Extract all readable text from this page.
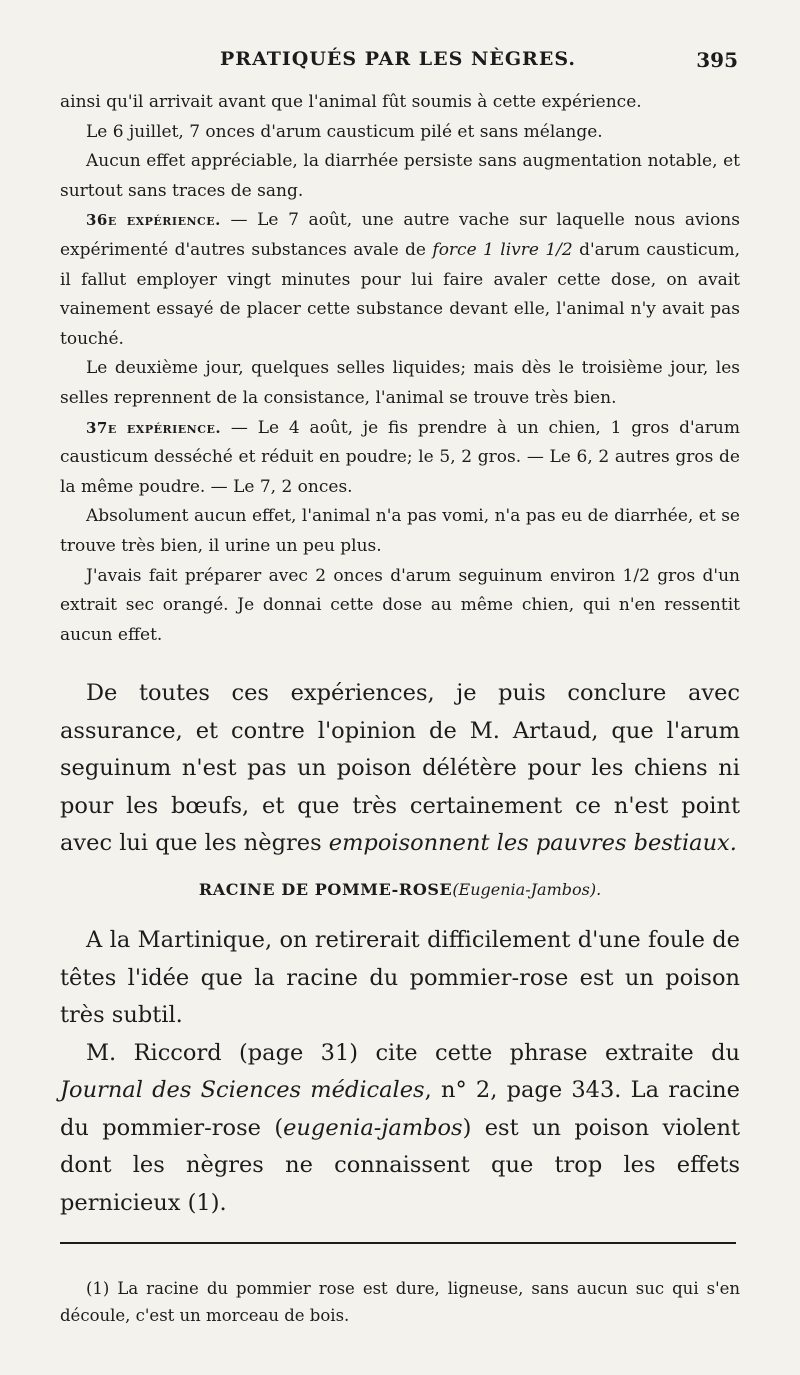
PRATIQUÉS PAR LES NÈGRES.	395

ainsi qu'il arrivait avant que l'animal fût soumis à cette expérience.

Le 6 juillet, 7 onces d'arum causticum pilé et sans mélange.

Aucun effet appréciable, la diarrhée persiste sans augmentation notable, et surtout sans traces de sang.

36e expérience. — Le 7 août, une autre vache sur laquelle nous avions expérimenté d'autres substances avale de force 1 livre 1/2 d'arum causticum, il fallut employer vingt minutes pour lui faire avaler cette dose, on avait vainement essayé de placer cette substance devant elle, l'animal n'y avait pas touché.

Le deuxième jour, quelques selles liquides; mais dès le troisième jour, les selles reprennent de la consistance, l'animal se trouve très bien.

37e expérience. — Le 4 août, je fis prendre à un chien, 1 gros d'arum causticum desséché et réduit en poudre; le 5, 2 gros. — Le 6, 2 autres gros de la même poudre. — Le 7, 2 onces.

Absolument aucun effet, l'animal n'a pas vomi, n'a pas eu de diarrhée, et se trouve très bien, il urine un peu plus.

J'avais fait préparer avec 2 onces d'arum seguinum environ 1/2 gros d'un extrait sec orangé. Je donnai cette dose au même chien, qui n'en ressentit aucun effet.

De toutes ces expériences, je puis conclure avec assurance, et contre l'opinion de M. Artaud, que l'arum seguinum n'est pas un poison délétère pour les chiens ni pour les bœufs, et que très certainement ce n'est point avec lui que les nègres empoisonnent les pauvres bestiaux.

RACINE DE POMME-ROSE(Eugenia-Jambos).

A la Martinique, on retirerait difficilement d'une foule de têtes l'idée que la racine du pommier-rose est un poison très subtil.

M. Riccord (page 31) cite cette phrase extraite du Journal des Sciences médicales, n° 2, page 343. La racine du pommier-rose (eugenia-jambos) est un poison violent dont les nègres ne connaissent que trop les effets pernicieux (1).

(1) La racine du pommier rose est dure, ligneuse, sans aucun suc qui s'en découle, c'est un morceau de bois.
